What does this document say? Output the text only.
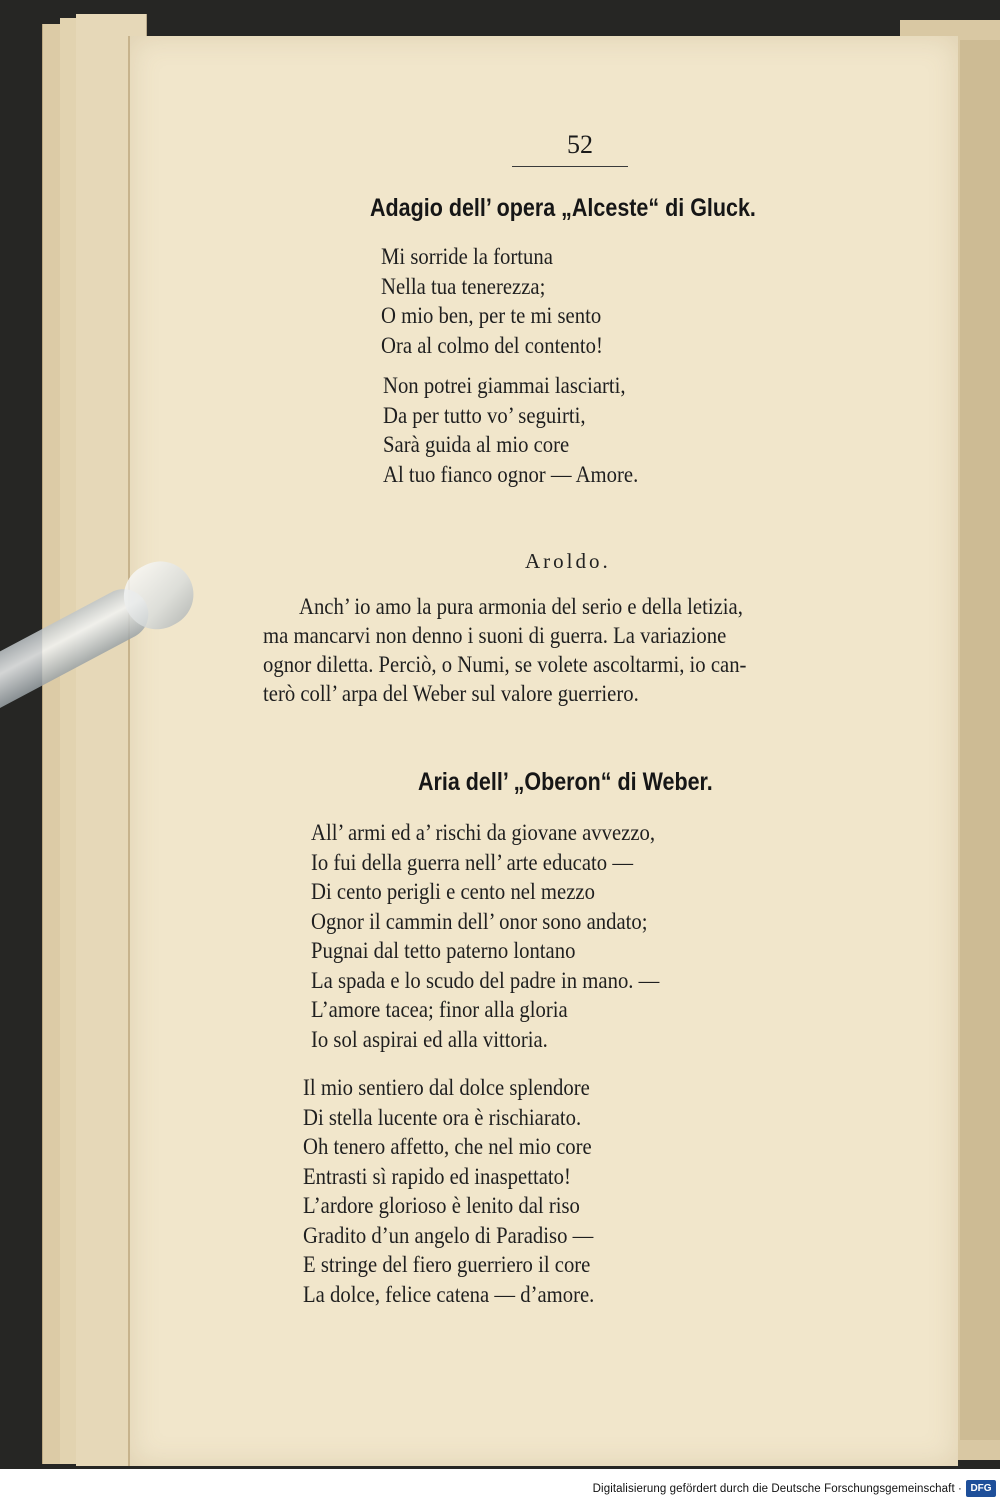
52
Adagio dell’ opera „Alceste“ di Gluck.
Mi sorride la fortuna
Nella tua tenerezza;
O mio ben, per te mi sento
Ora al colmo del contento!
Non potrei giammai lasciarti,
Da per tutto vo’ seguirti,
Sarà guida al mio core
Al tuo fianco ognor — Amore.
Aroldo.
Anch’ io amo la pura armonia del serio e della letizia,
ma mancarvi non denno i suoni di guerra. La variazione
ognor diletta. Perciò, o Numi, se volete ascoltarmi, io can-
terò coll’ arpa del Weber sul valore guerriero.
Aria dell’ „Oberon“ di Weber.
All’ armi ed a’ rischi da giovane avvezzo,
Io fui della guerra nell’ arte educato —
Di cento perigli e cento nel mezzo
Ognor il cammin dell’ onor sono andato;
Pugnai dal tetto paterno lontano
La spada e lo scudo del padre in mano. —
L’amore tacea; finor alla gloria
Io sol aspirai ed alla vittoria.
Il mio sentiero dal dolce splendore
Di stella lucente ora è rischiarato.
Oh tenero affetto, che nel mio core
Entrasti sì rapido ed inaspettato!
L’ardore glorioso è lenito dal riso
Gradito d’un angelo di Paradiso —
E stringe del fiero guerriero il core
La dolce, felice catena — d’amore.
Digitalisierung gefördert durch die Deutsche Forschungsgemeinschaft · DFG
